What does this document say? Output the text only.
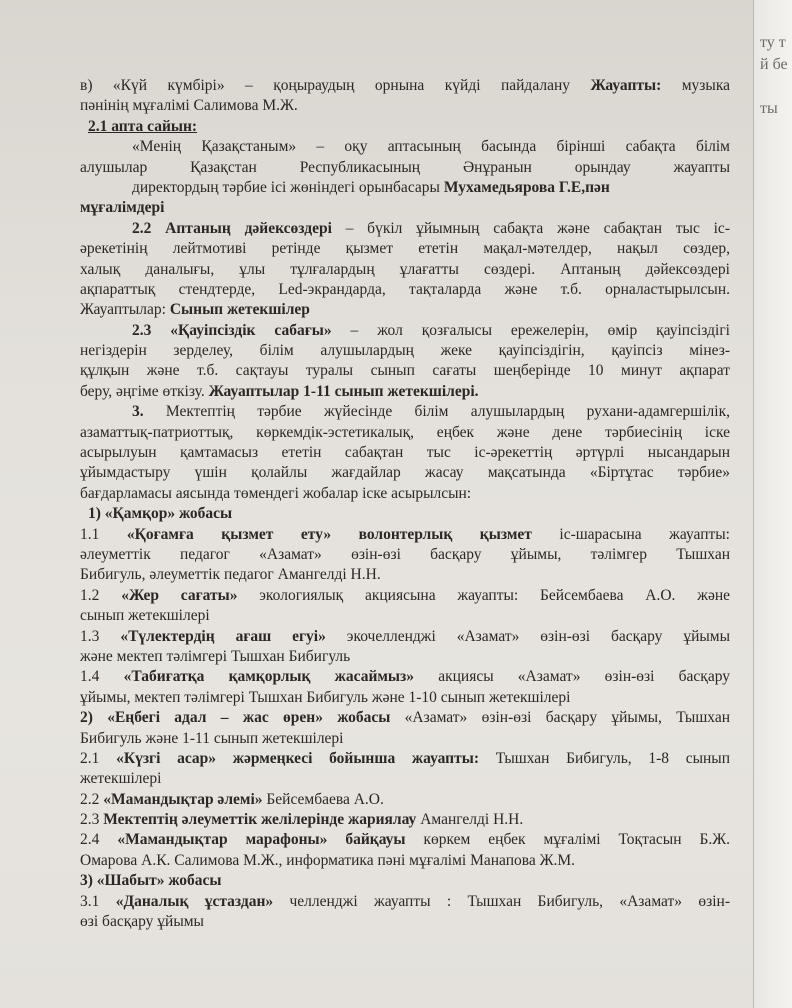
ту т
й бе
ты
в) «Күй күмбірі» – қоңыраудың орнына күйді пайдалану Жауапты: музыка
пәнінің мұғалімі Салимова М.Ж.
2.1 апта сайын:
«Менің Қазақстаным» – оқу аптасының басында бірінші сабақта білім
алушылар Қазақстан Республикасының Әнұранын орындау жауапты
директордың тәрбие ісі жөніндегі орынбасары Мухамедьярова Г.Е,пән
мұғалімдері
2.2 Аптаның дәйексөздері – бүкіл ұйымның сабақта және сабақтан тыс іс-
әрекетінің лейтмотиві ретінде қызмет ететін мақал-мәтелдер, нақыл сөздер,
халық даналығы, ұлы тұлғалардың ұлағатты сөздері. Аптаның дәйексөздері
ақпараттық стендтерде, Led-экрандарда, тақталарда және т.б. орналастырылсын.
Жауаптылар: Сынып жетекшілер
2.3 «Қауіпсіздік сабағы» – жол қозғалысы ережелерін, өмір қауіпсіздігі
негіздерін зерделеу, білім алушылардың жеке қауіпсіздігін, қауіпсіз мінез-
құлқын және т.б. сақтауы туралы сынып сағаты шеңберінде 10 минут ақпарат
беру, әңгіме өткізу. Жауаптылар 1-11 сынып жетекшілері.
3. Мектептің тәрбие жүйесінде білім алушылардың рухани-адамгершілік,
азаматтық-патриоттық, көркемдік-эстетикалық, еңбек және дене тәрбиесінің іске
асырылуын қамтамасыз ететін сабақтан тыс іс-әрекеттің әртүрлі нысандарын
ұйымдастыру үшін қолайлы жағдайлар жасау мақсатында «Біртұтас тәрбие»
бағдарламасы аясында төмендегі жобалар іске асырылсын:
1) «Қамқор» жобасы
1.1 «Қоғамға қызмет ету» волонтерлық қызмет іс-шарасына жауапты:
әлеуметтік педагог «Азамат» өзін-өзі басқару ұйымы, тәлімгер Тышхан
Бибигуль, әлеуметтік педагог Амангелді Н.Н.
1.2 «Жер сағаты» экологиялық акциясына жауапты: Бейсембаева А.О. және
сынып жетекшілері
1.3 «Түлектердің ағаш егуі» экочелленджі «Азамат» өзін-өзі басқару ұйымы
және мектеп тәлімгері Тышхан Бибигуль
1.4 «Табиғатқа қамқорлық жасаймыз» акциясы «Азамат» өзін-өзі басқару
ұйымы, мектеп тәлімгері Тышхан Бибигуль және 1-10 сынып жетекшілері
2) «Еңбегі адал – жас өрен» жобасы «Азамат» өзін-өзі басқару ұйымы, Тышхан
Бибигуль және 1-11 сынып жетекшілері
2.1 «Күзгі асар» жәрмеңкесі бойынша жауапты: Тышхан Бибигуль, 1-8 сынып
жетекшілері
2.2 «Мамандықтар әлемі» Бейсембаева А.О.
2.3 Мектептің әлеуметтік желілерінде жариялау Амангелді Н.Н.
2.4 «Мамандықтар марафоны» байқауы көркем еңбек мұғалімі Тоқтасын Б.Ж.
Омарова А.К. Салимова М.Ж., информатика пәні мұғалімі Манапова Ж.М.
3) «Шабыт» жобасы
3.1 «Даналық ұстаздан» челленджі жауапты : Тышхан Бибигуль, «Азамат» өзін-
өзі басқару ұйымы
